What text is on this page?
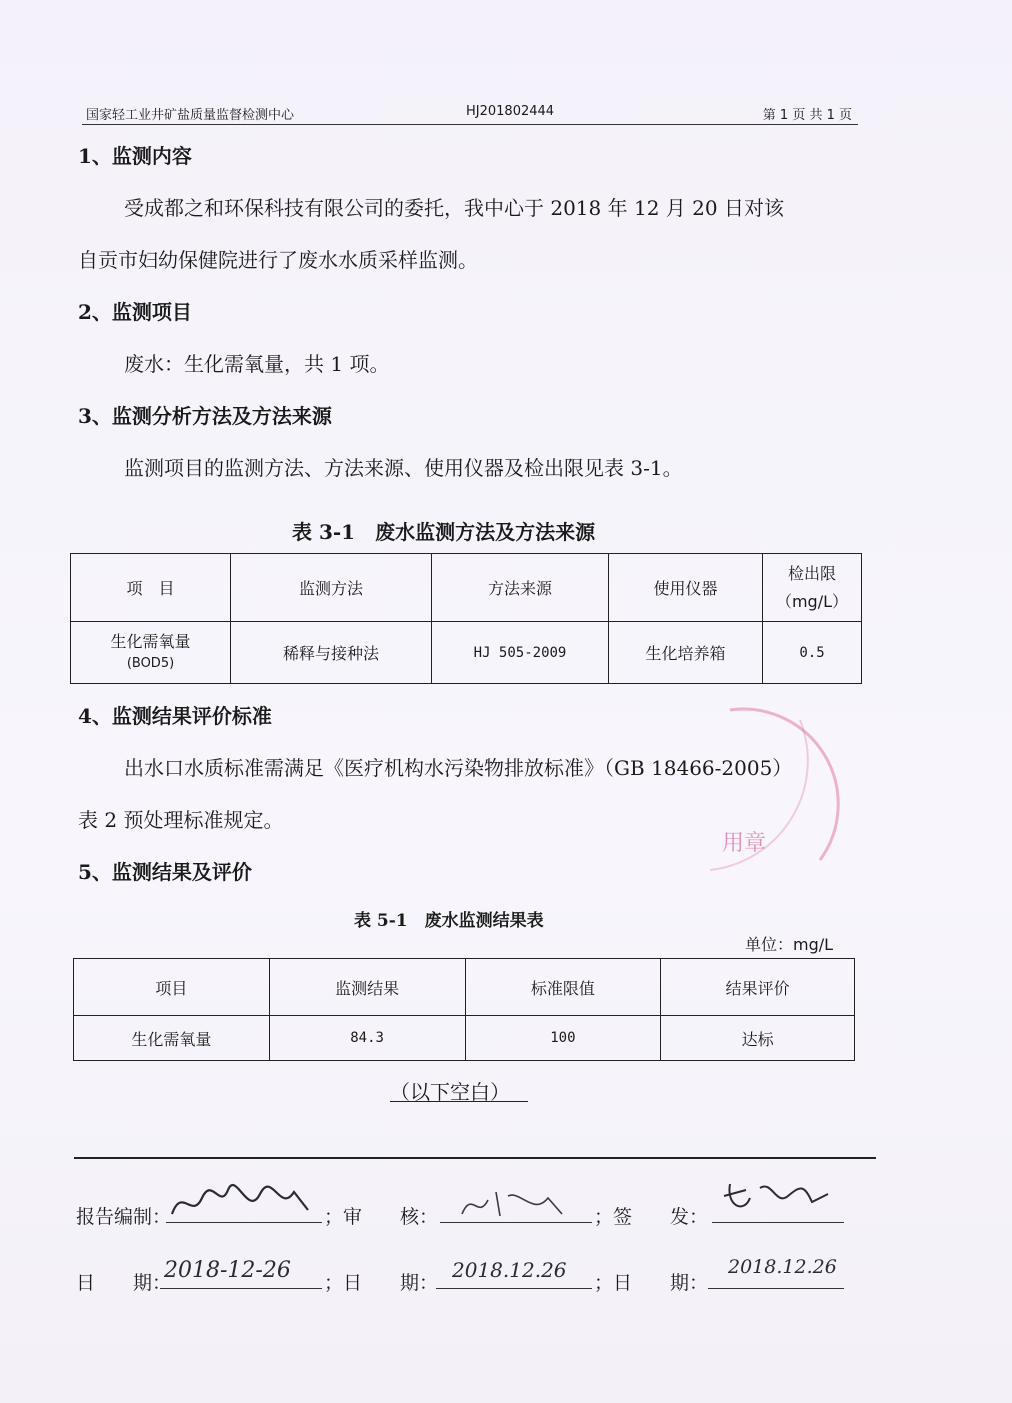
国家轻工业井矿盐质量监督检测中心	HJ201802444	第 1 页 共 1 页
1、监测内容
受成都之和环保科技有限公司的委托，我中心于 2018 年 12 月 20 日对该
自贡市妇幼保健院进行了废水水质采样监测。
2、监测项目
废水：生化需氧量，共 1 项。
3、监测分析方法及方法来源
监测项目的监测方法、方法来源、使用仪器及检出限见表 3-1。
表 3-1　废水监测方法及方法来源
项　目	监测方法	方法来源	使用仪器	检出限
（mg/L）

生化需氧量
(BOD5)	稀释与接种法	HJ 505-2009	生化培养箱	0.5
4、监测结果评价标准
出水口水质标准需满足《医疗机构水污染物排放标准》（GB 18466-2005）
表 2 预处理标准规定。
用章
5、监测结果及评价
表 5-1　废水监测结果表
单位：mg/L
项目	监测结果	标准限值	结果评价
生化需氧量	84.3	100	达标
（以下空白）
报告编制：	；审　　核：	；签　　发：
日　　期：
2018-12-26 ；日　　期：
2018.12.26
；日　　期：
2018.12.26
